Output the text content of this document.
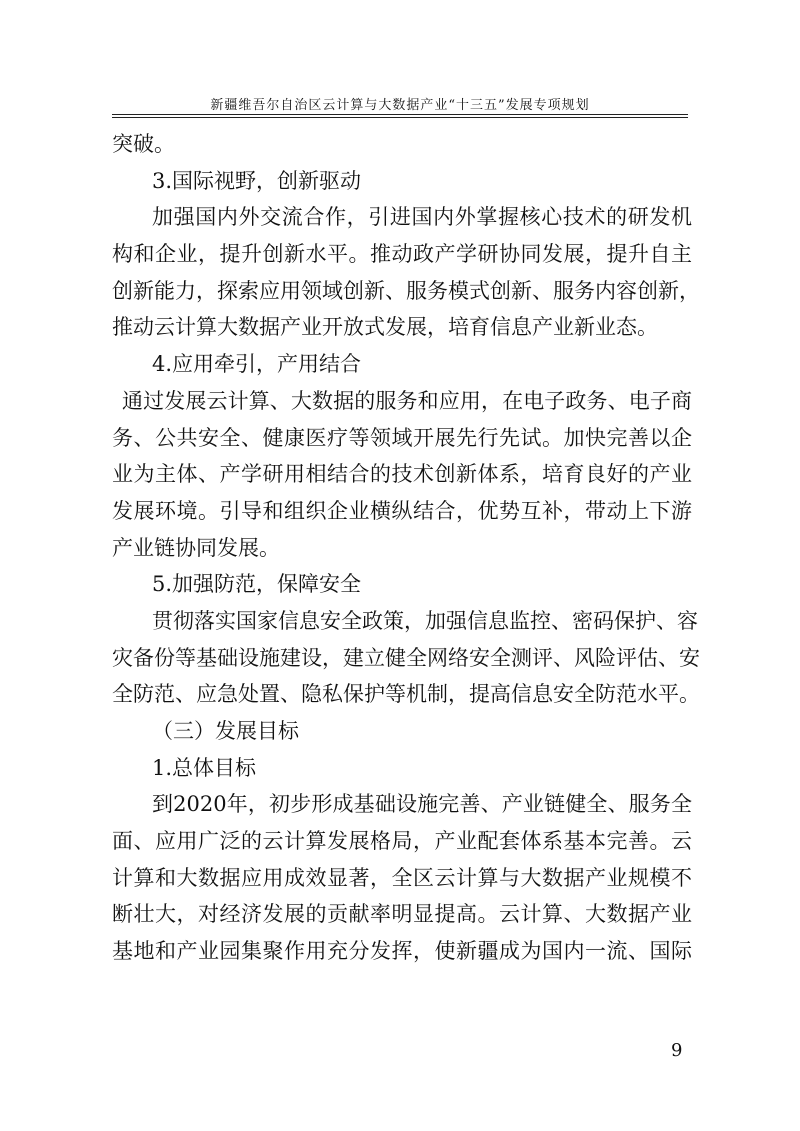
新疆维吾尔自治区云计算与大数据产业“十三五”发展专项规划
突破。
3.国际视野，创新驱动
加强国内外交流合作，引进国内外掌握核心技术的研发机
构和企业，提升创新水平。推动政产学研协同发展，提升自主
创新能力，探索应用领域创新、服务模式创新、服务内容创新，
推动云计算大数据产业开放式发展，培育信息产业新业态。
4.应用牵引，产用结合
通过发展云计算、大数据的服务和应用，在电子政务、电子商
务、公共安全、健康医疗等领域开展先行先试。加快完善以企
业为主体、产学研用相结合的技术创新体系，培育良好的产业
发展环境。引导和组织企业横纵结合，优势互补，带动上下游
产业链协同发展。
5.加强防范，保障安全
贯彻落实国家信息安全政策，加强信息监控、密码保护、容
灾备份等基础设施建设，建立健全网络安全测评、风险评估、安
全防范、应急处置、隐私保护等机制，提高信息安全防范水平。
（三）发展目标
1.总体目标
到2020年，初步形成基础设施完善、产业链健全、服务全
面、应用广泛的云计算发展格局，产业配套体系基本完善。云
计算和大数据应用成效显著，全区云计算与大数据产业规模不
断壮大，对经济发展的贡献率明显提高。云计算、大数据产业
基地和产业园集聚作用充分发挥，使新疆成为国内一流、国际
9
